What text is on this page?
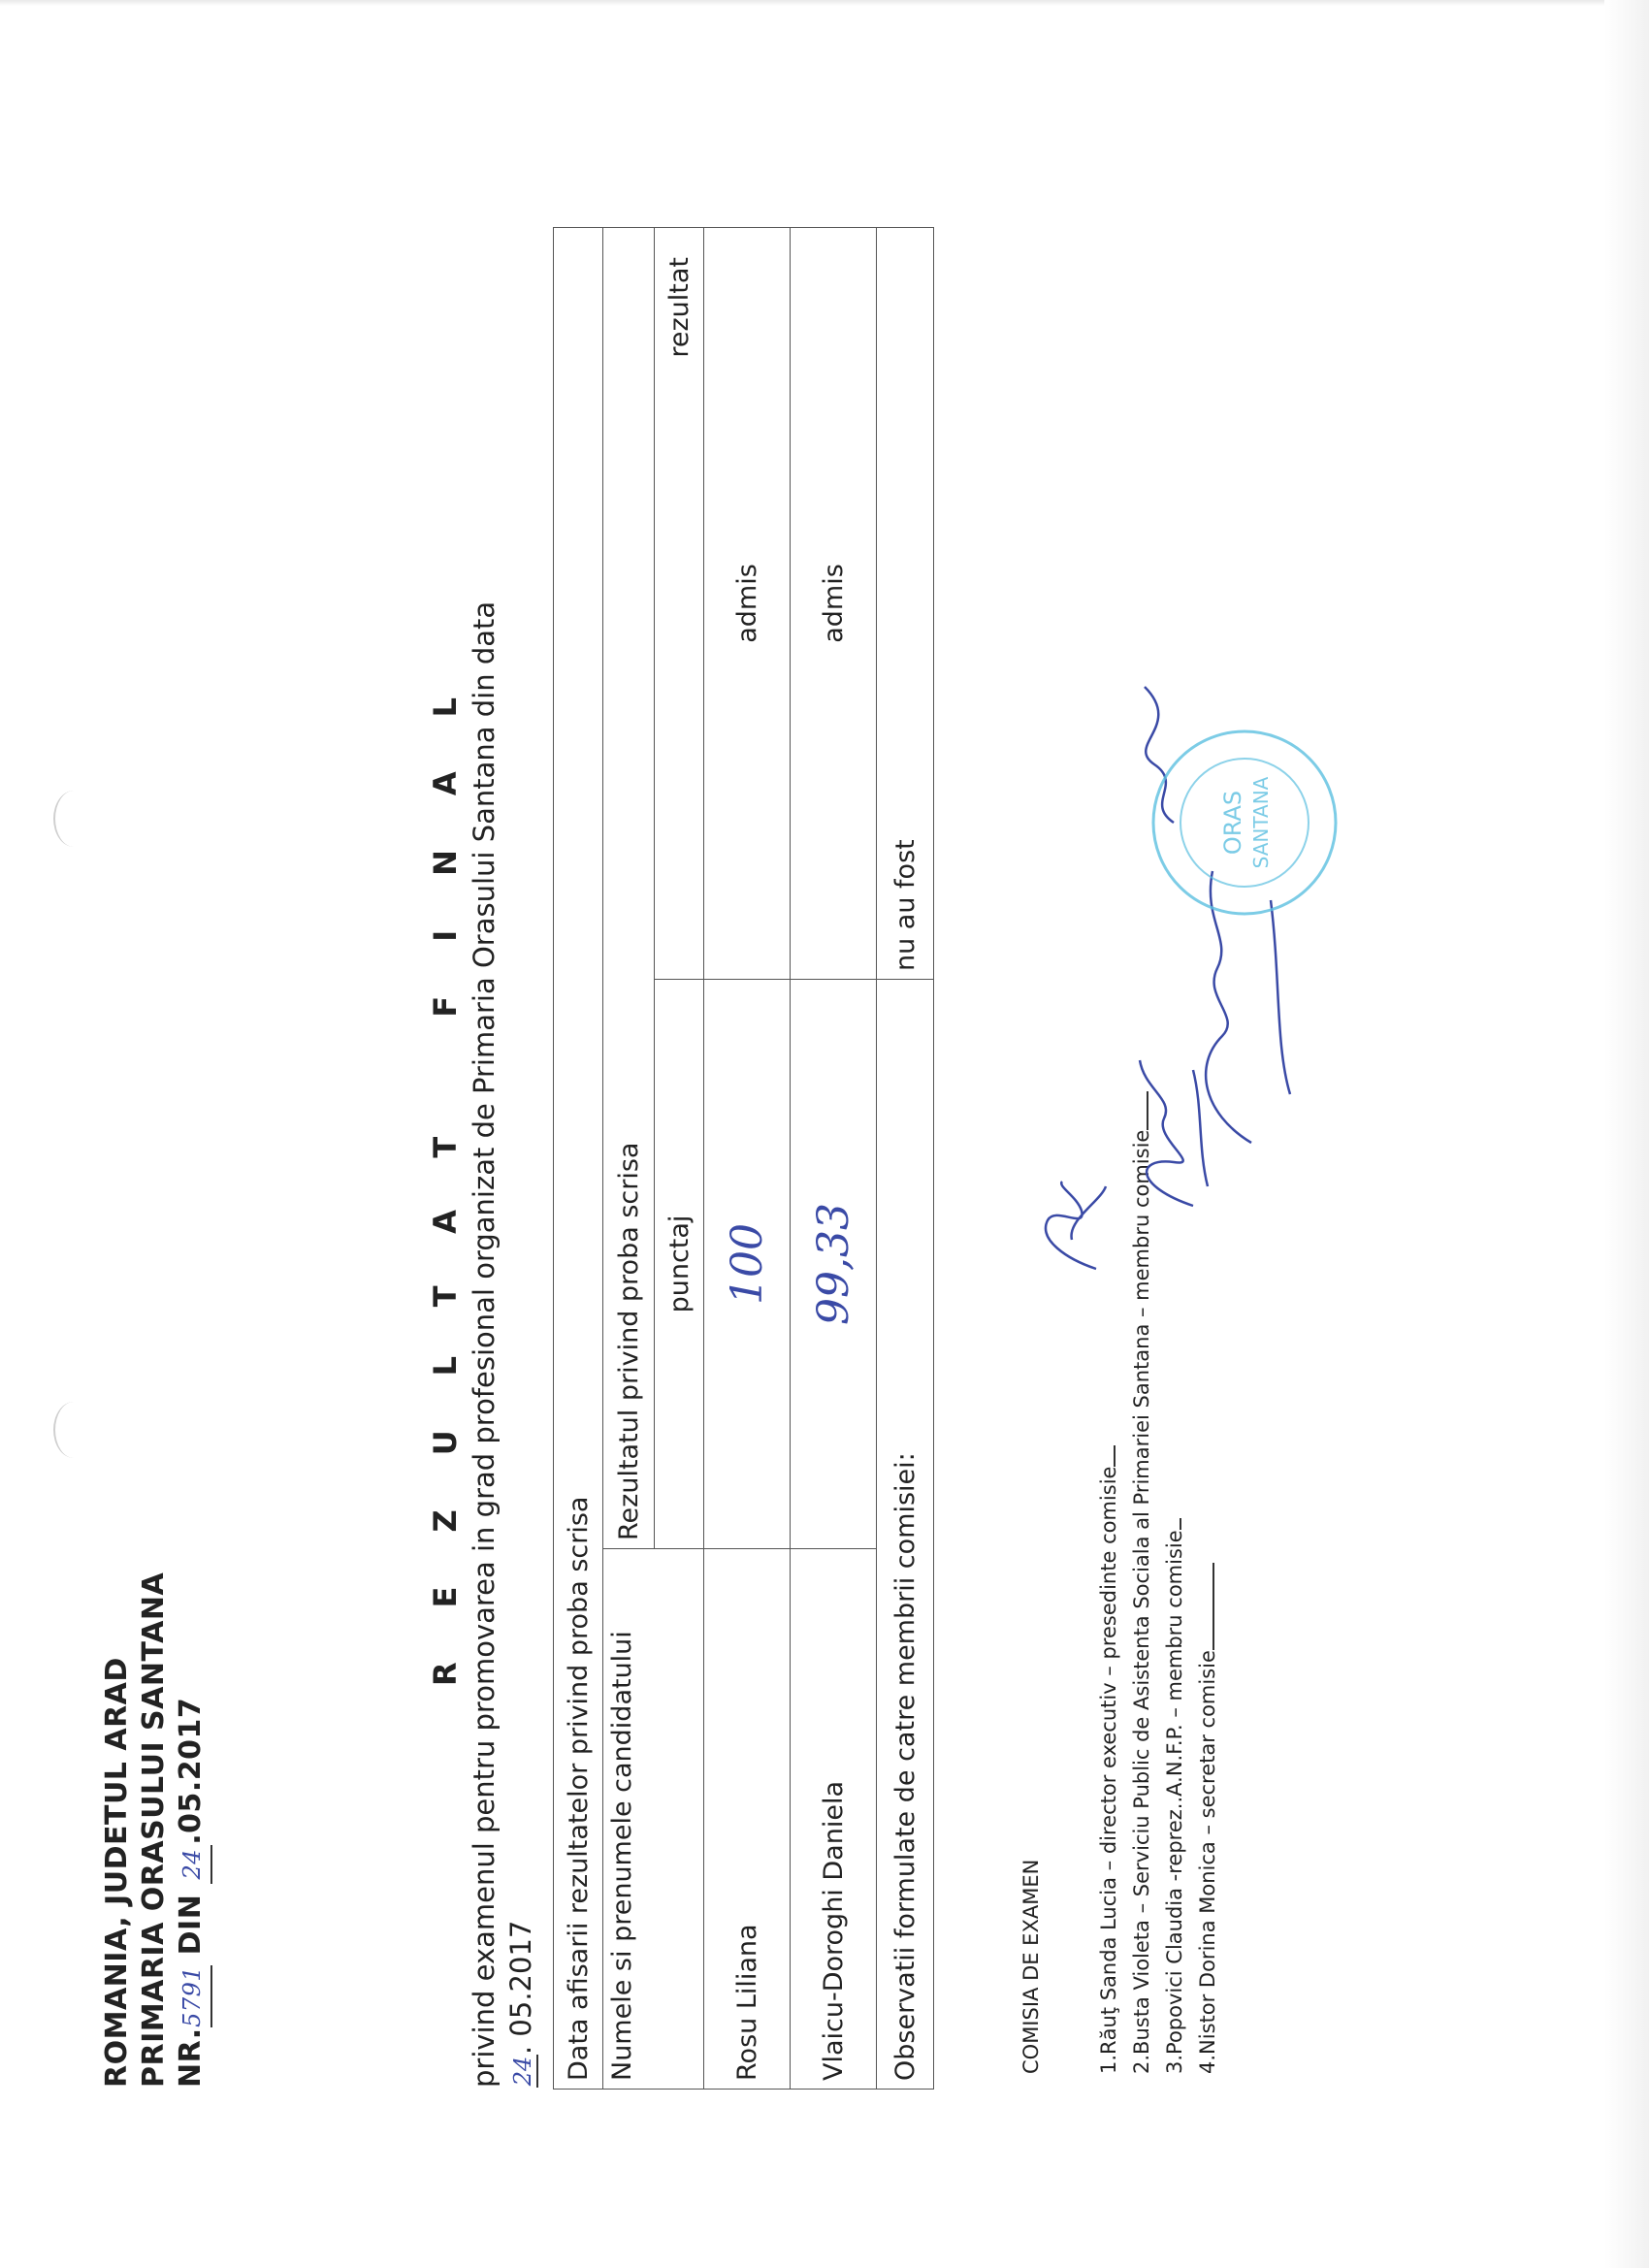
ROMANIA, JUDETUL ARAD PRIMARIA ORASULUI SANTANA NR.5791 DIN 24.05.2017
REZULTAT FINAL privind examenul pentru promovarea in grad profesional organizat de Primaria Orasului Santana din data 24. 05.2017 Data afisarii rezultatelor privind proba scrisa		
Numele si prenumele candidatului	Rezultatul privind proba scrisa	
	punctaj	rezultat
Rosu Liliana	100	admis
Vlaicu-Doroghi Daniela	99,33	admis
Observatii formulate de catre membrii comisiei:		nu au fost
COMISIA DE EXAMEN	1.Răuţ Sanda Lucia – director executiv – presedinte comisie 2.Busta Violeta – Serviciu Public de Asistenta Sociala al Primariei Santana – membru comisie 3.Popovici Claudia -reprez..A.N.F.P. – membru comisie 4.Nistor Dorina Monica – secretar comisie
ORAS SANTANA
